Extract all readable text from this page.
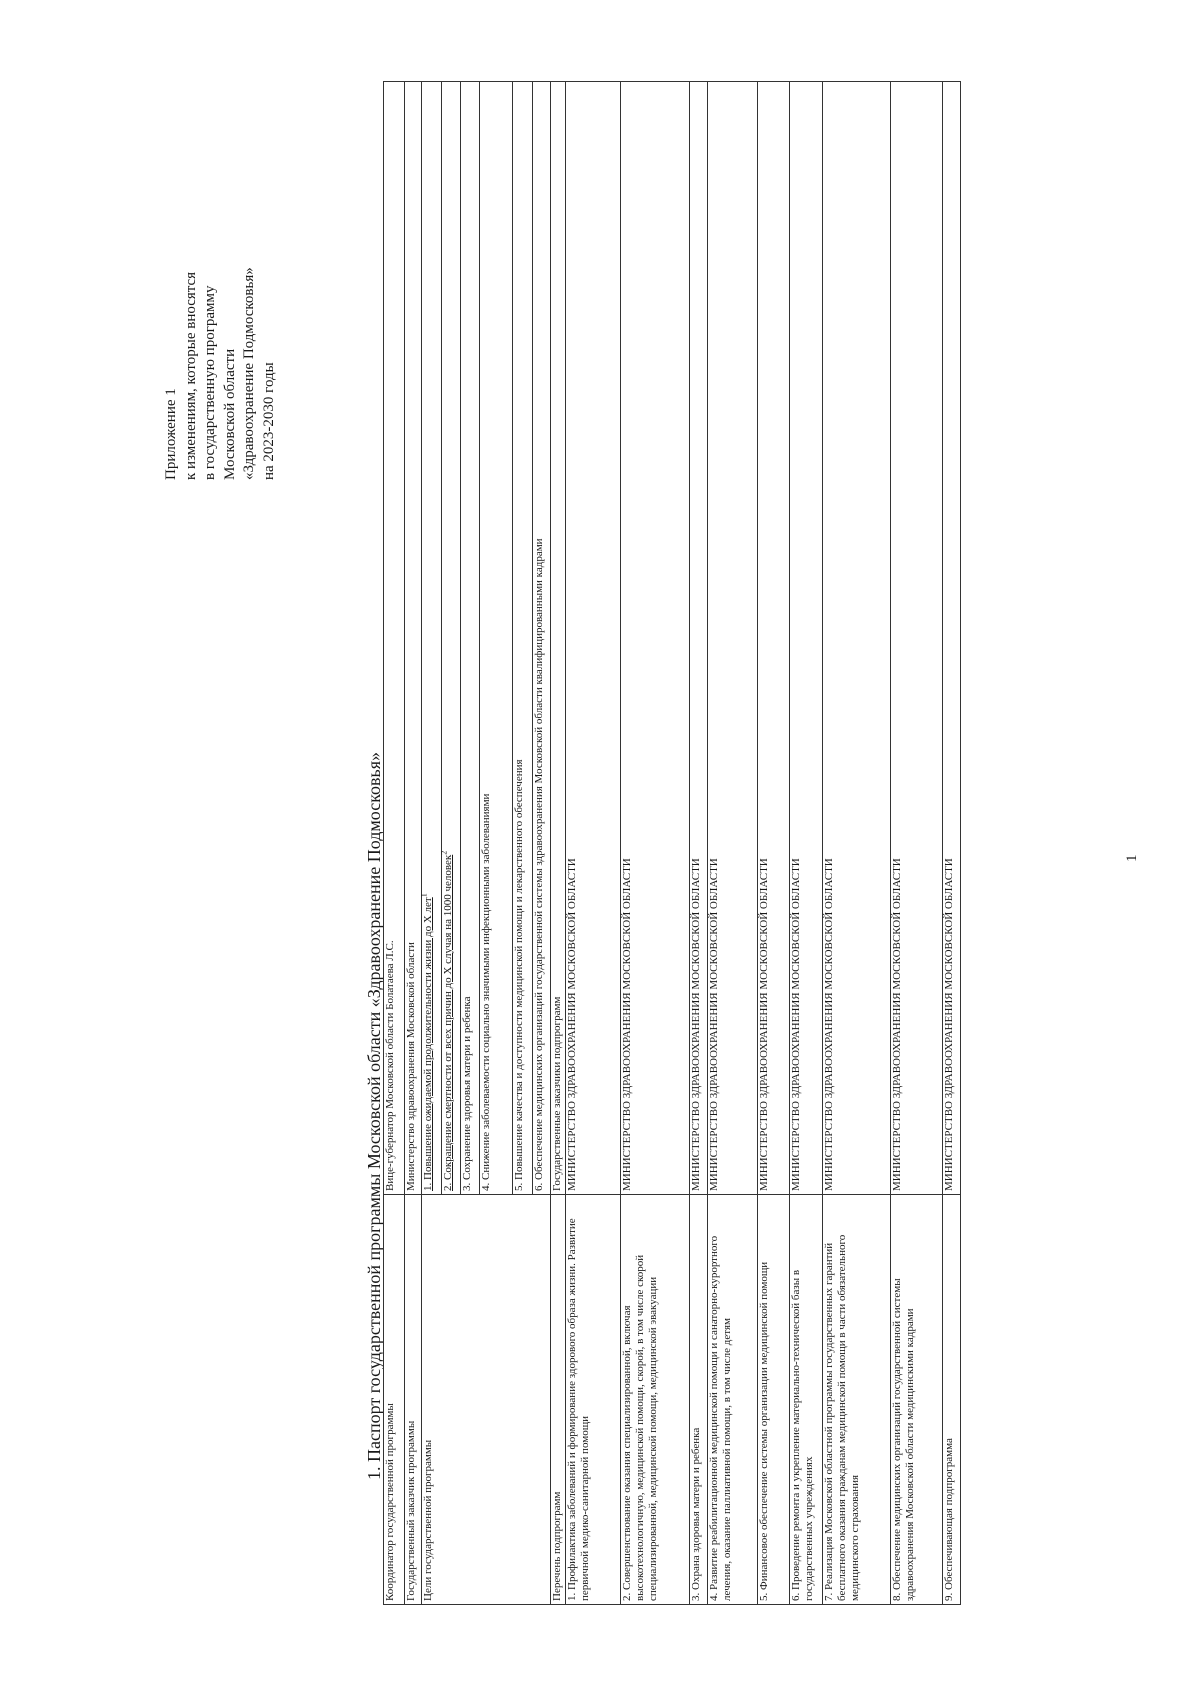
Приложение 1 к изменениям, которые вносятся в государственную программу Московской области «Здравоохранение Подмосковья» на 2023-2030 годы
1. Паспорт государственной программы Московской области «Здравоохранение Подмосковья»
Координатор государственной программы	Вице-губернатор Московской области Болатаева Л.С.
Государственный заказчик программы	Министерство здравоохранения Московской области
Цели государственной программы	1. Повышение ожидаемой продолжительности жизни до Х лет$^1$
	2. Сокращение смертности от всех причин до Х случая на 1000 человек$^2$
	3. Сохранение здоровья матери и ребенка
	4. Снижение заболеваемости социально значимыми инфекционными заболеваниями
	5. Повышение качества и доступности медицинской помощи и лекарственного обеспечения
	6. Обеспечение медицинских организаций государственной системы здравоохранения Московской области квалифицированными кадрами
Перечень подпрограмм	Государственные заказчики подпрограмм
1. Профилактика заболеваний и формирование здорового образа жизни. Развитие первичной медико-санитарной помощи	МИНИСТЕРСТВО ЗДРАВООХРАНЕНИЯ МОСКОВСКОЙ ОБЛАСТИ
2. Совершенствование оказания специализированной, включая высокотехнологичную, медицинской помощи, скорой, в том числе скорой специализированной, медицинской помощи, медицинской эвакуации	МИНИСТЕРСТВО ЗДРАВООХРАНЕНИЯ МОСКОВСКОЙ ОБЛАСТИ
3. Охрана здоровья матери и ребенка	МИНИСТЕРСТВО ЗДРАВООХРАНЕНИЯ МОСКОВСКОЙ ОБЛАСТИ
4. Развитие реабилитационной медицинской помощи и санаторно-курортного лечения, оказание паллиативной помощи, в том числе детям	МИНИСТЕРСТВО ЗДРАВООХРАНЕНИЯ МОСКОВСКОЙ ОБЛАСТИ
5. Финансовое обеспечение системы организации медицинской помощи	МИНИСТЕРСТВО ЗДРАВООХРАНЕНИЯ МОСКОВСКОЙ ОБЛАСТИ
6. Проведение ремонта и укрепление материально-технической базы в государственных учреждениях	МИНИСТЕРСТВО ЗДРАВООХРАНЕНИЯ МОСКОВСКОЙ ОБЛАСТИ
7. Реализация Московской областной программы государственных гарантий бесплатного оказания гражданам медицинской помощи в части обязательного медицинского страхования	МИНИСТЕРСТВО ЗДРАВООХРАНЕНИЯ МОСКОВСКОЙ ОБЛАСТИ
8. Обеспечение медицинских организаций государственной системы здравоохранения Московской области медицинскими кадрами	МИНИСТЕРСТВО ЗДРАВООХРАНЕНИЯ МОСКОВСКОЙ ОБЛАСТИ
9. Обеспечивающая подпрограмма	МИНИСТЕРСТВО ЗДРАВООХРАНЕНИЯ МОСКОВСКОЙ ОБЛАСТИ	1
